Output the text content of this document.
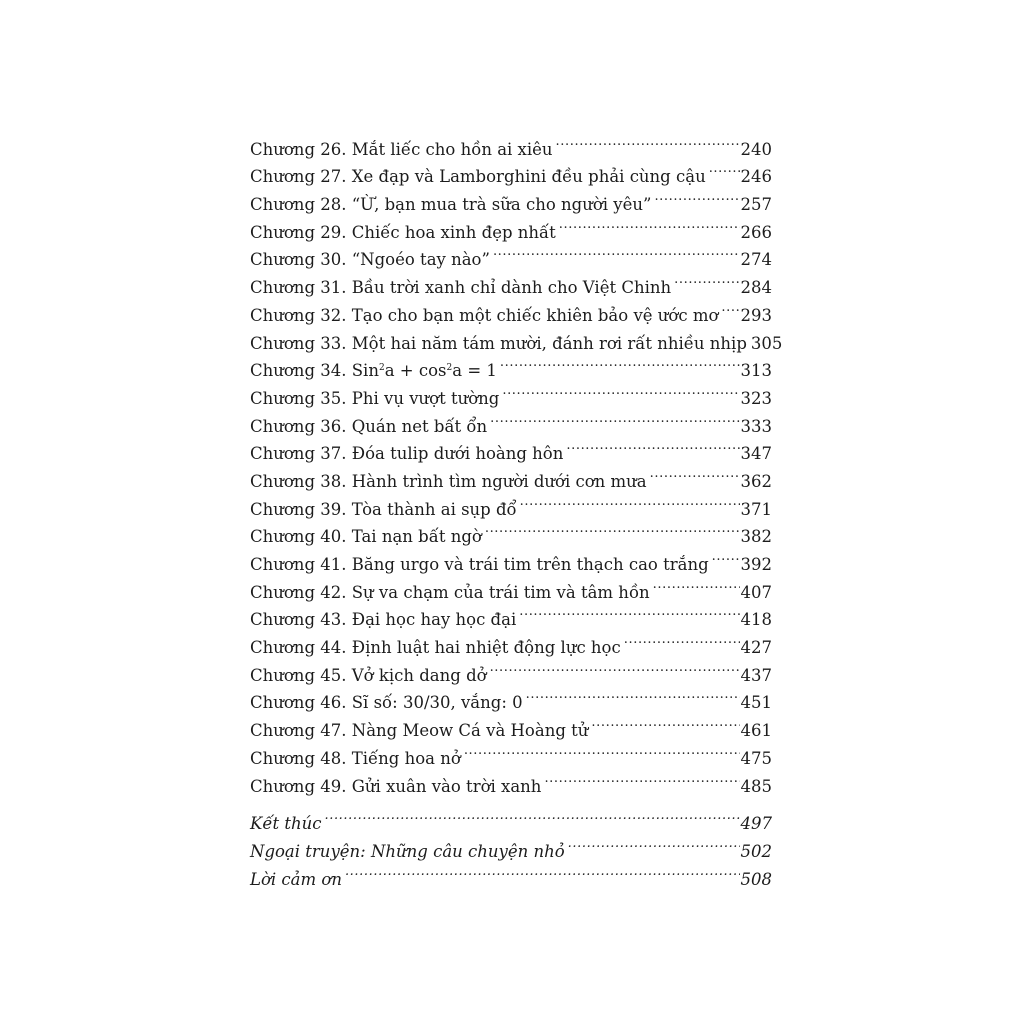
Chương 26. Mắt liếc cho hồn ai xiêu .....	240
Chương 27. Xe đạp và Lamborghini đều phải cùng cậu ..... 246
Chương 28. “Ừ, bạn mua trà sữa cho người yêu” .....	257
Chương 29. Chiếc hoa xinh đẹp nhất .....	266
Chương 30. “Ngoéo tay nào” .....	274
Chương 31. Bầu trời xanh chỉ dành cho Việt Chinh .....	284
Chương 32. Tạo cho bạn một chiếc khiên bảo vệ ước mơ ..... 293
Chương 33. Một hai năm tám mười, đánh rơi rất nhiều nhịp 305
Chương 34. $Sin^2a + \cos^2a = 1$ .....	313
Chương 35. Phi vụ vượt tường .....	323
Chương 36. Quán net bất ổn .....	333
Chương 37. Đóa tulip dưới hoàng hôn .....	347
Chương 38. Hành trình tìm người dưới cơn mưa .....	362
Chương 39. Tòa thành ai sụp đổ .....	371
Chương 40. Tai nạn bất ngờ .....	382
Chương 41. Băng urgo và trái tim trên thạch cao trắng ..... 392
Chương 42. Sự va chạm của trái tim và tâm hồn .....	407
Chương 43. Đại học hay học đại .....	418
Chương 44. Định luật hai nhiệt động lực học .....	427
Chương 45. Vở kịch dang dở .....	437
Chương 46. Sĩ số: 30/30, vắng: 0 .....	451
Chương 47. Nàng Meow Cá và Hoàng tử .....	461
Chương 48. Tiếng hoa nở .....	475
Chương 49. Gửi xuân vào trời xanh .....	485
Kết thúc .....	497
Ngoại truyện: Những câu chuyện nhỏ .....	502
Lời cảm ơn .....	508
